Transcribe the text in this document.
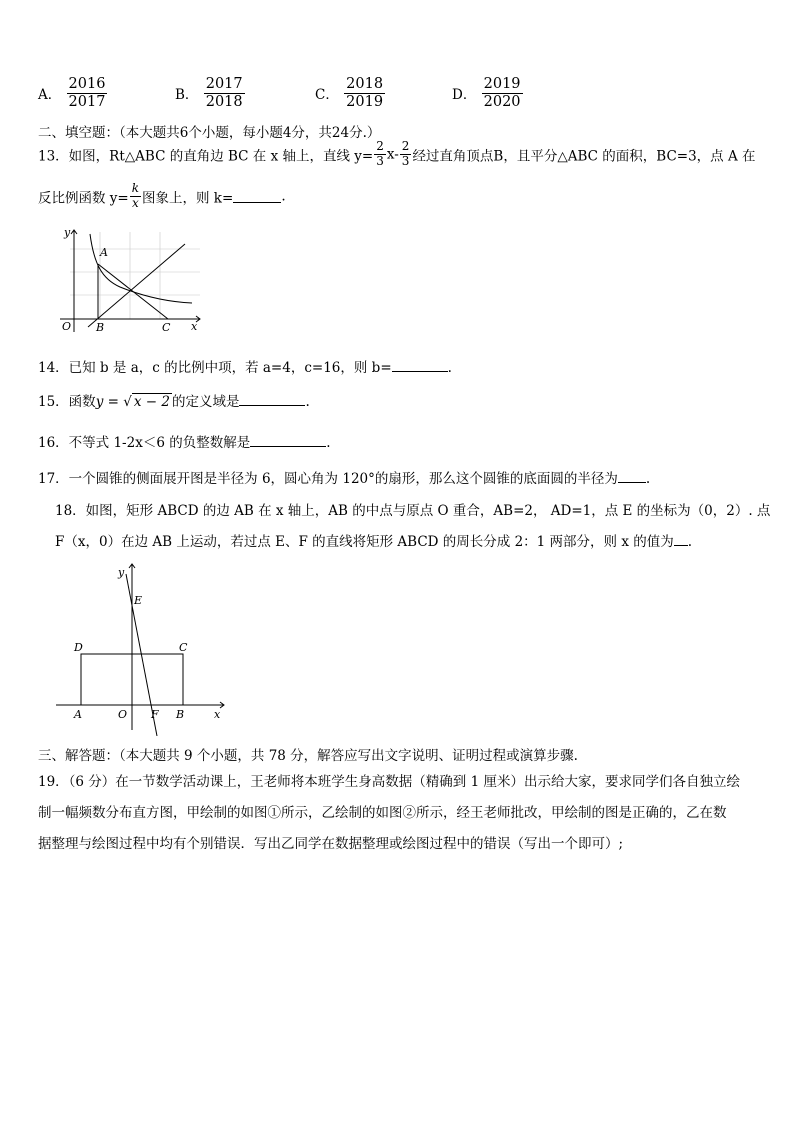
A． $\frac{2016}{2017}$	B． $\frac{2017}{2018}$	C． $\frac{2018}{2019}$	D． $\frac{2019}{2020}$
二、填空题：（本大题共6个小题，每小题4分，共24分.）
13．如图，Rt△ABC 的直角边 BC 在 x 轴上，直线 $y= \frac{2}{3} x- \frac{2}{3}$ 经过直角顶点B，且平分△ABC 的面积，BC=3，点 A 在
反比例函数 $y= \frac{k}{x}$ 图象上，则 k=	.
y
A
O B	C x
14．已知 b 是 a，c 的比例中项，若 a=4，c=16，则 b=	.
15．函数y = √ x − 2 的定义域是	.
16．不等式 1-2x＜6 的负整数解是	.
17．一个圆锥的侧面展开图是半径为 6，圆心角为 120°的扇形，那么这个圆锥的底面圆的半径为 .
18．如图，矩形 ABCD 的边 AB 在 x 轴上，AB 的中点与原点 O 重合，AB=2， AD=1，点 E 的坐标为（0，2）. 点
F（x，0）在边 AB 上运动，若过点 E、F 的直线将矩形 ABCD 的周长分成 2：1 两部分，则 x 的值为 .
y
E
D	C
A	O F B	x
三、解答题：（本大题共 9 个小题，共 78 分，解答应写出文字说明、证明过程或演算步骤.
19．（6 分）在一节数学活动课上，王老师将本班学生身高数据（精确到 1 厘米）出示给大家，要求同学们各自独立绘
制一幅频数分布直方图，甲绘制的如图①所示，乙绘制的如图②所示，经王老师批改，甲绘制的图是正确的，乙在数
据整理与绘图过程中均有个别错误．写出乙同学在数据整理或绘图过程中的错误（写出一个即可）;
